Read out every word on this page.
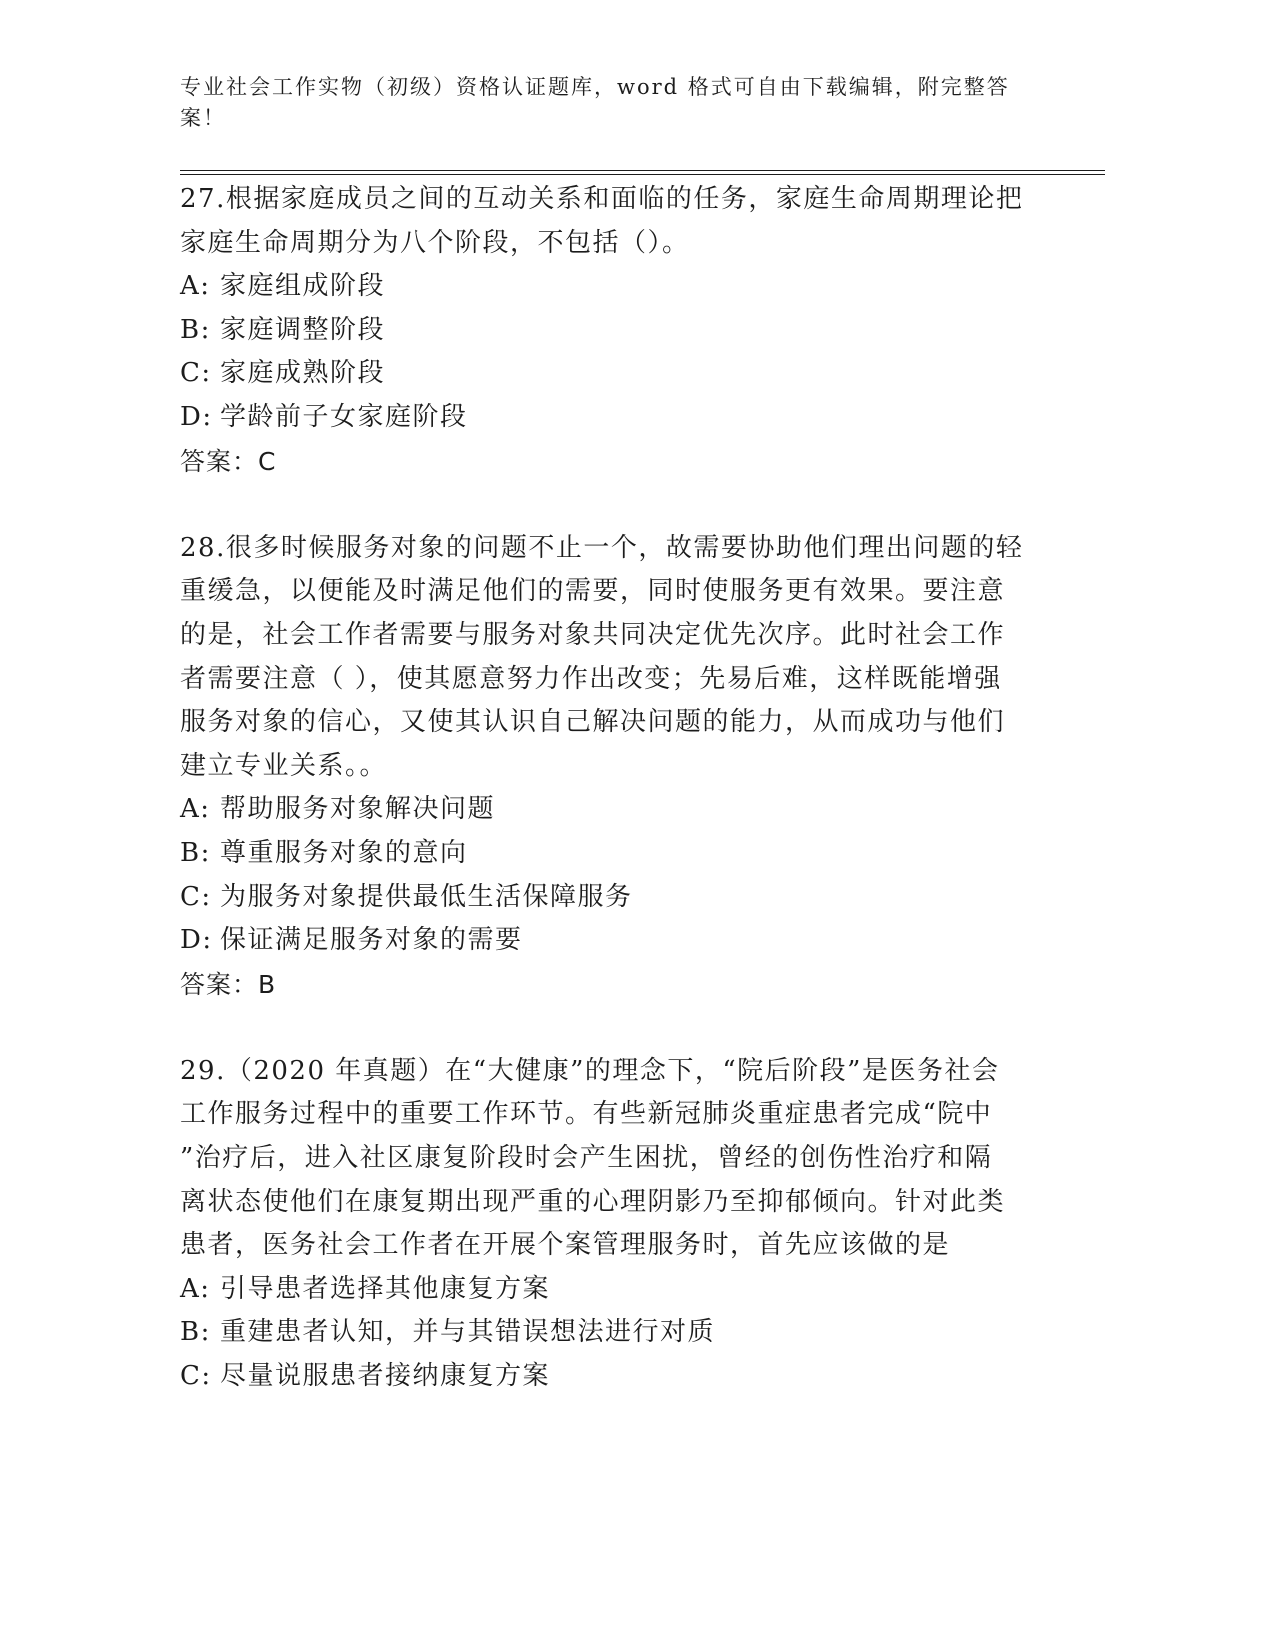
专业社会工作实物（初级）资格认证题库，word 格式可自由下载编辑，附完整答
案！
27.根据家庭成员之间的互动关系和面临的任务，家庭生命周期理论把
家庭生命周期分为八个阶段，不包括（）。
A: 家庭组成阶段
B: 家庭调整阶段
C: 家庭成熟阶段
D: 学龄前子女家庭阶段
答案：C
28.很多时候服务对象的问题不止一个，故需要协助他们理出问题的轻
重缓急，以便能及时满足他们的需要，同时使服务更有效果。要注意
的是，社会工作者需要与服务对象共同决定优先次序。此时社会工作
者需要注意（ ），使其愿意努力作出改变；先易后难，这样既能增强
服务对象的信心，又使其认识自己解决问题的能力，从而成功与他们
建立专业关系。。
A: 帮助服务对象解决问题
B: 尊重服务对象的意向
C: 为服务对象提供最低生活保障服务
D: 保证满足服务对象的需要
答案：B
29.（2020 年真题）在“大健康”的理念下，“院后阶段”是医务社会
工作服务过程中的重要工作环节。有些新冠肺炎重症患者完成“院中
”治疗后，进入社区康复阶段时会产生困扰，曾经的创伤性治疗和隔
离状态使他们在康复期出现严重的心理阴影乃至抑郁倾向。针对此类
患者，医务社会工作者在开展个案管理服务时，首先应该做的是
A: 引导患者选择其他康复方案
B: 重建患者认知，并与其错误想法进行对质
C: 尽量说服患者接纳康复方案
